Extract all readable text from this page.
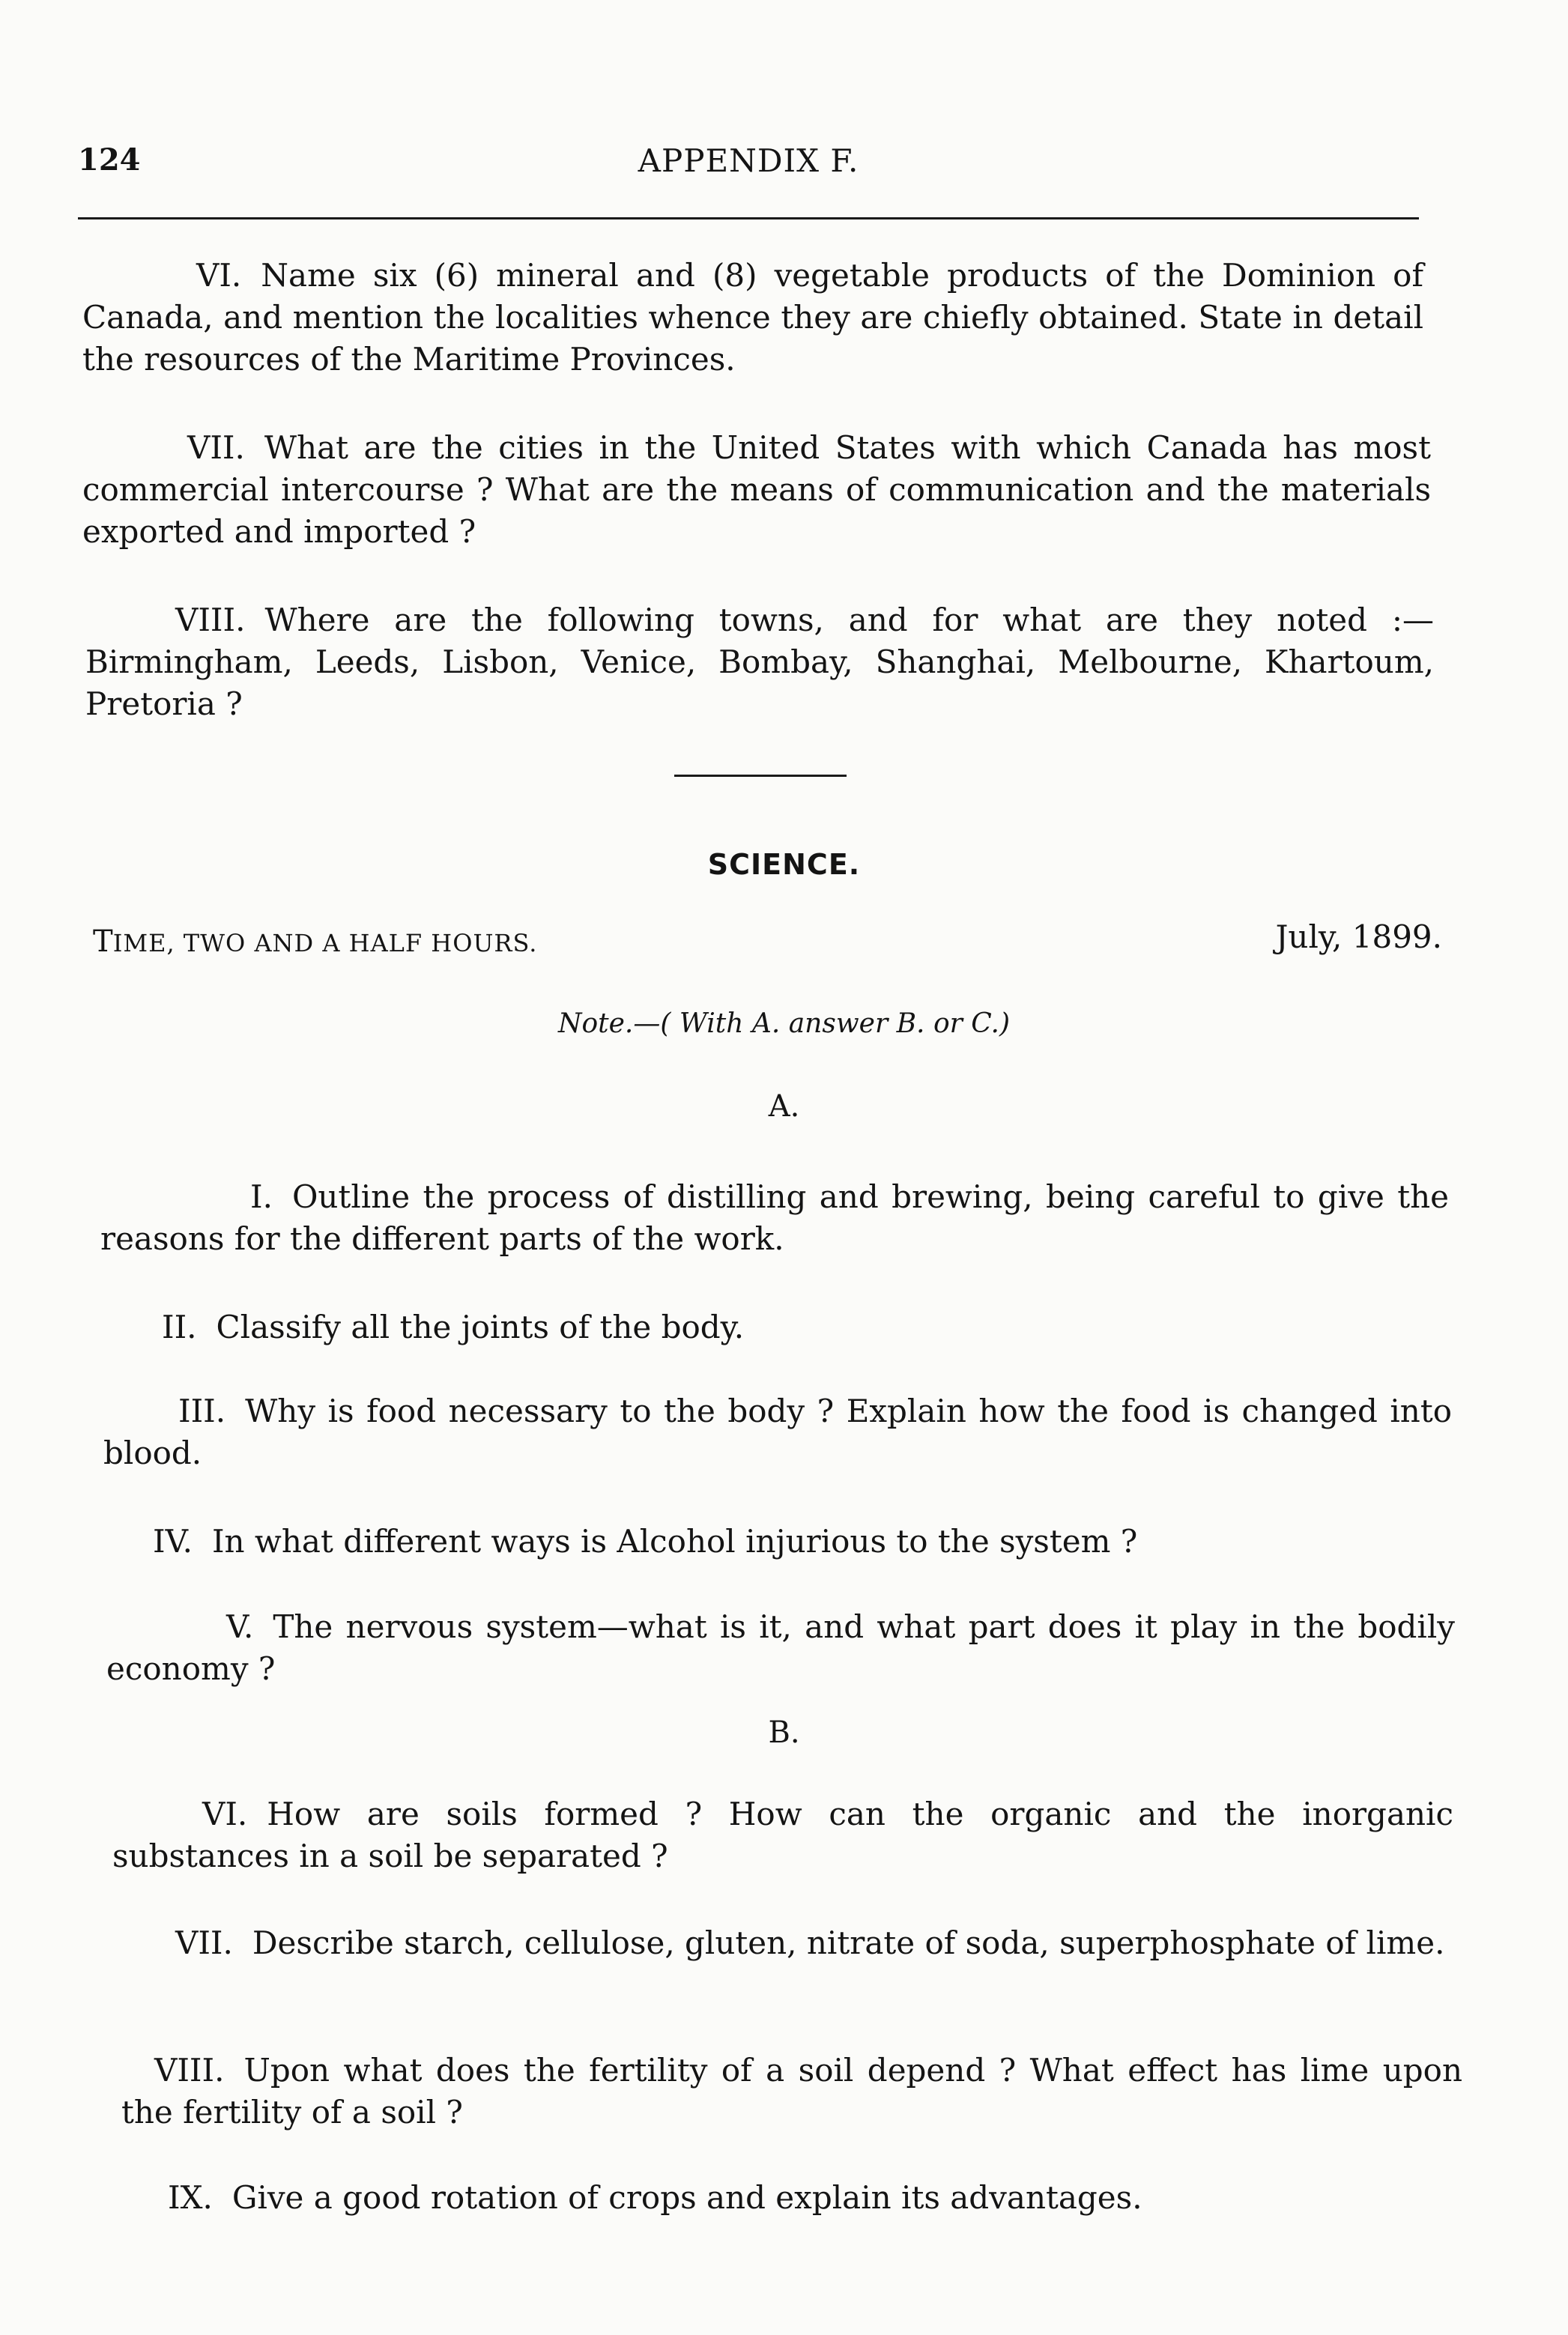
124	APPENDIX F.
VI. Name six (6) mineral and (8) vegetable products of the Dominion of Canada, and mention the localities whence they are chiefly obtained. State in detail the resources of the Maritime Provinces.
VII. What are the cities in the United States with which Canada has most commercial intercourse ? What are the means of communication and the materials exported and imported ?
VIII. Where are the following towns, and for what are they noted :— Birmingham, Leeds, Lisbon, Venice, Bombay, Shanghai, Melbourne, Khartoum, Pretoria ?
SCIENCE.
TIME, TWO AND A HALF HOURS.	July, 1899.
Note.—( With A. answer B. or C.)
A.
I. Outline the process of distilling and brewing, being careful to give the reasons for the different parts of the work.
II. Classify all the joints of the body.
III. Why is food necessary to the body ? Explain how the food is changed into blood.
IV. In what different ways is Alcohol injurious to the system ?
V. The nervous system—what is it, and what part does it play in the bodily economy ?
B.
VI. How are soils formed ? How can the organic and the inorganic substances in a soil be separated ?
VII. Describe starch, cellulose, gluten, nitrate of soda, superphosphate of lime.
VIII. Upon what does the fertility of a soil depend ? What effect has lime upon the fertility of a soil ?
IX. Give a good rotation of crops and explain its advantages.
